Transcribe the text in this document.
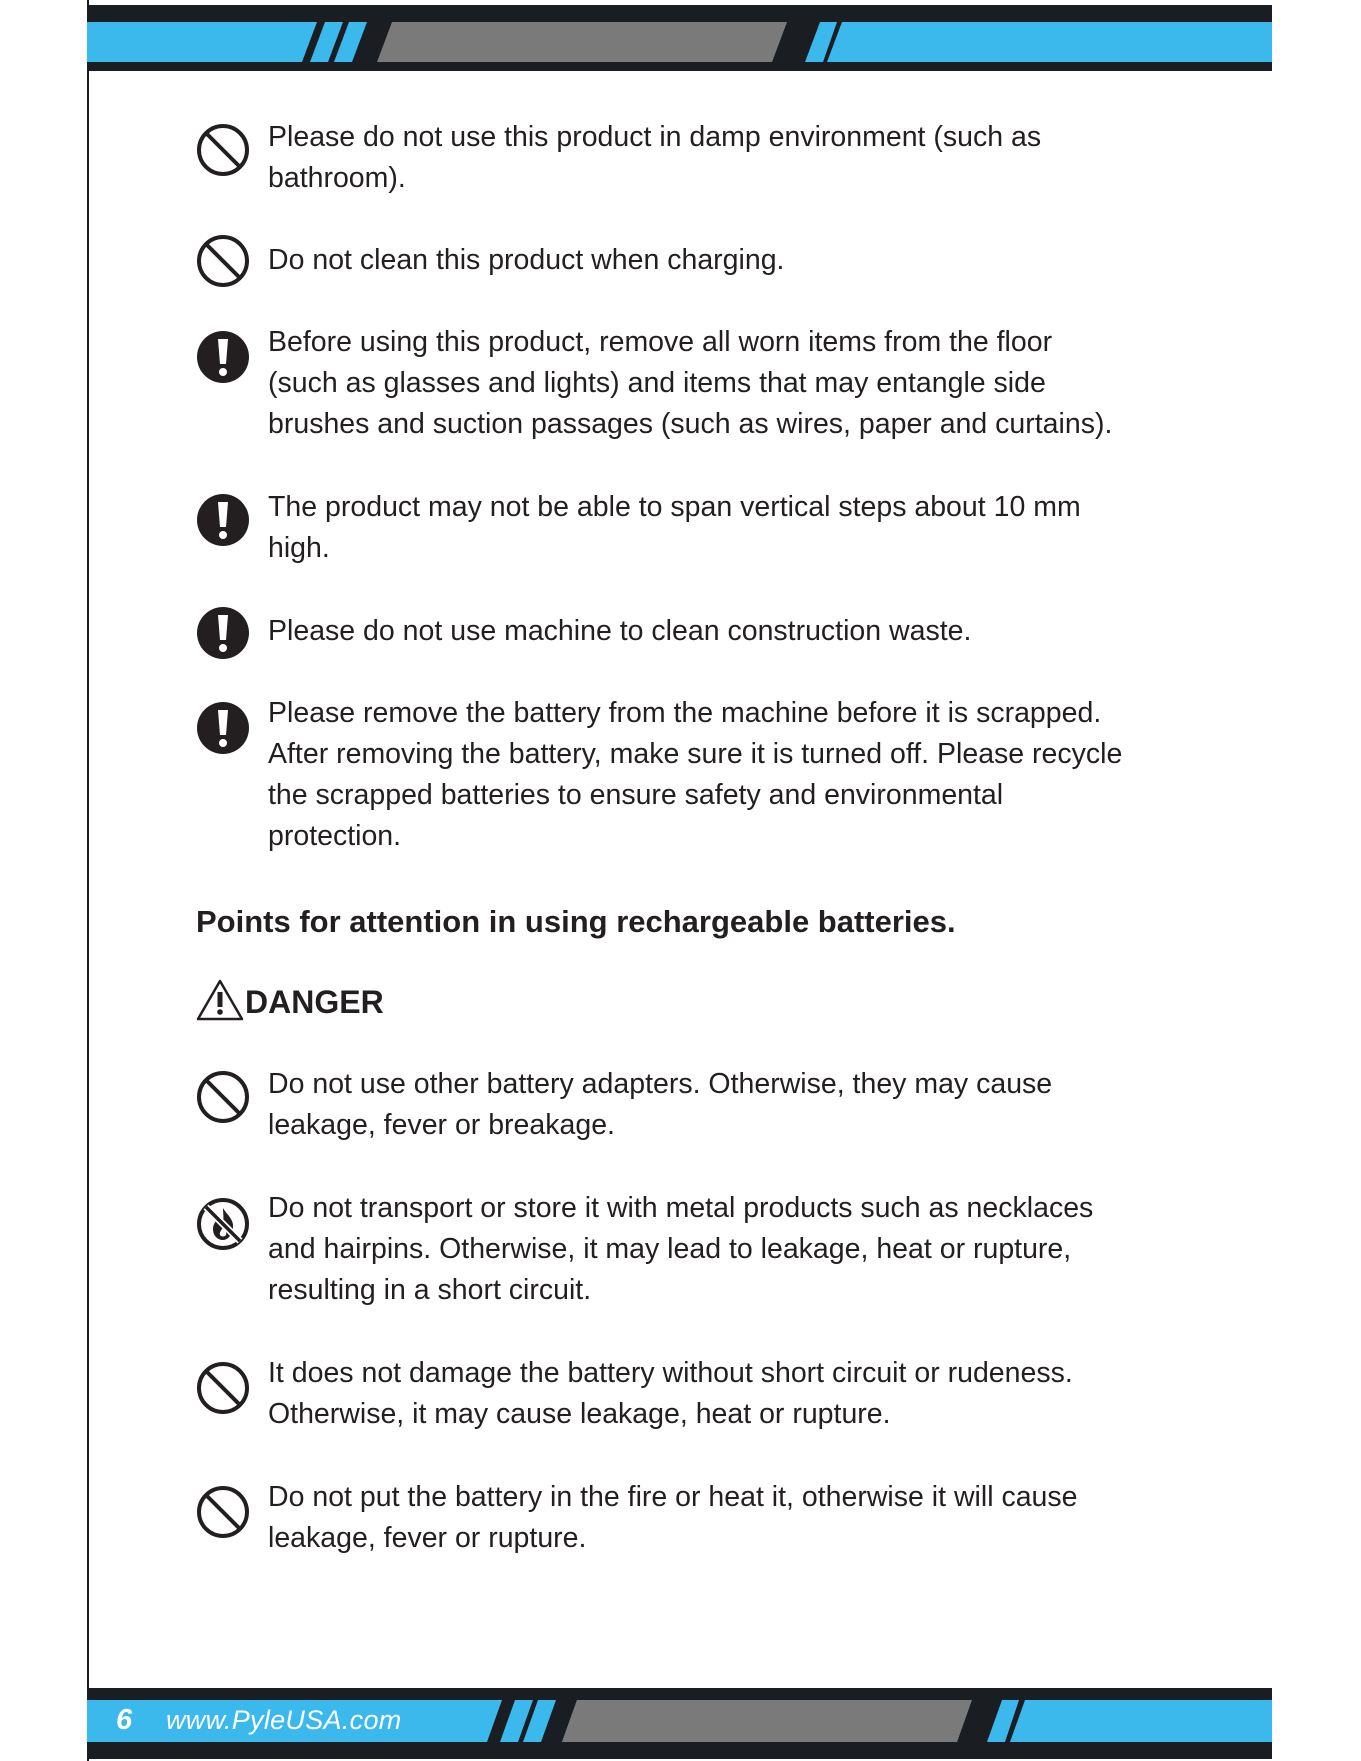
Please do not use this product in damp environment (such as
bathroom).
Do not clean this product when charging.
Before using this product, remove all worn items from the floor
(such as glasses and lights) and items that may entangle side
brushes and suction passages (such as wires, paper and curtains).
The product may not be able to span vertical steps about 10 mm
high.
Please do not use machine to clean construction waste.
Please remove the battery from the machine before it is scrapped.
After removing the battery, make sure it is turned off. Please recycle
the scrapped batteries to ensure safety and environmental
protection.
Points for attention in using rechargeable batteries.
DANGER
Do not use other battery adapters. Otherwise, they may cause
leakage, fever or breakage.
Do not transport or store it with metal products such as necklaces
and hairpins. Otherwise, it may lead to leakage, heat or rupture,
resulting in a short circuit.
It does not damage the battery without short circuit or rudeness.
Otherwise, it may cause leakage, heat or rupture.
Do not put the battery in the fire or heat it, otherwise it will cause
leakage, fever or rupture.
6 www.PyleUSA.com
